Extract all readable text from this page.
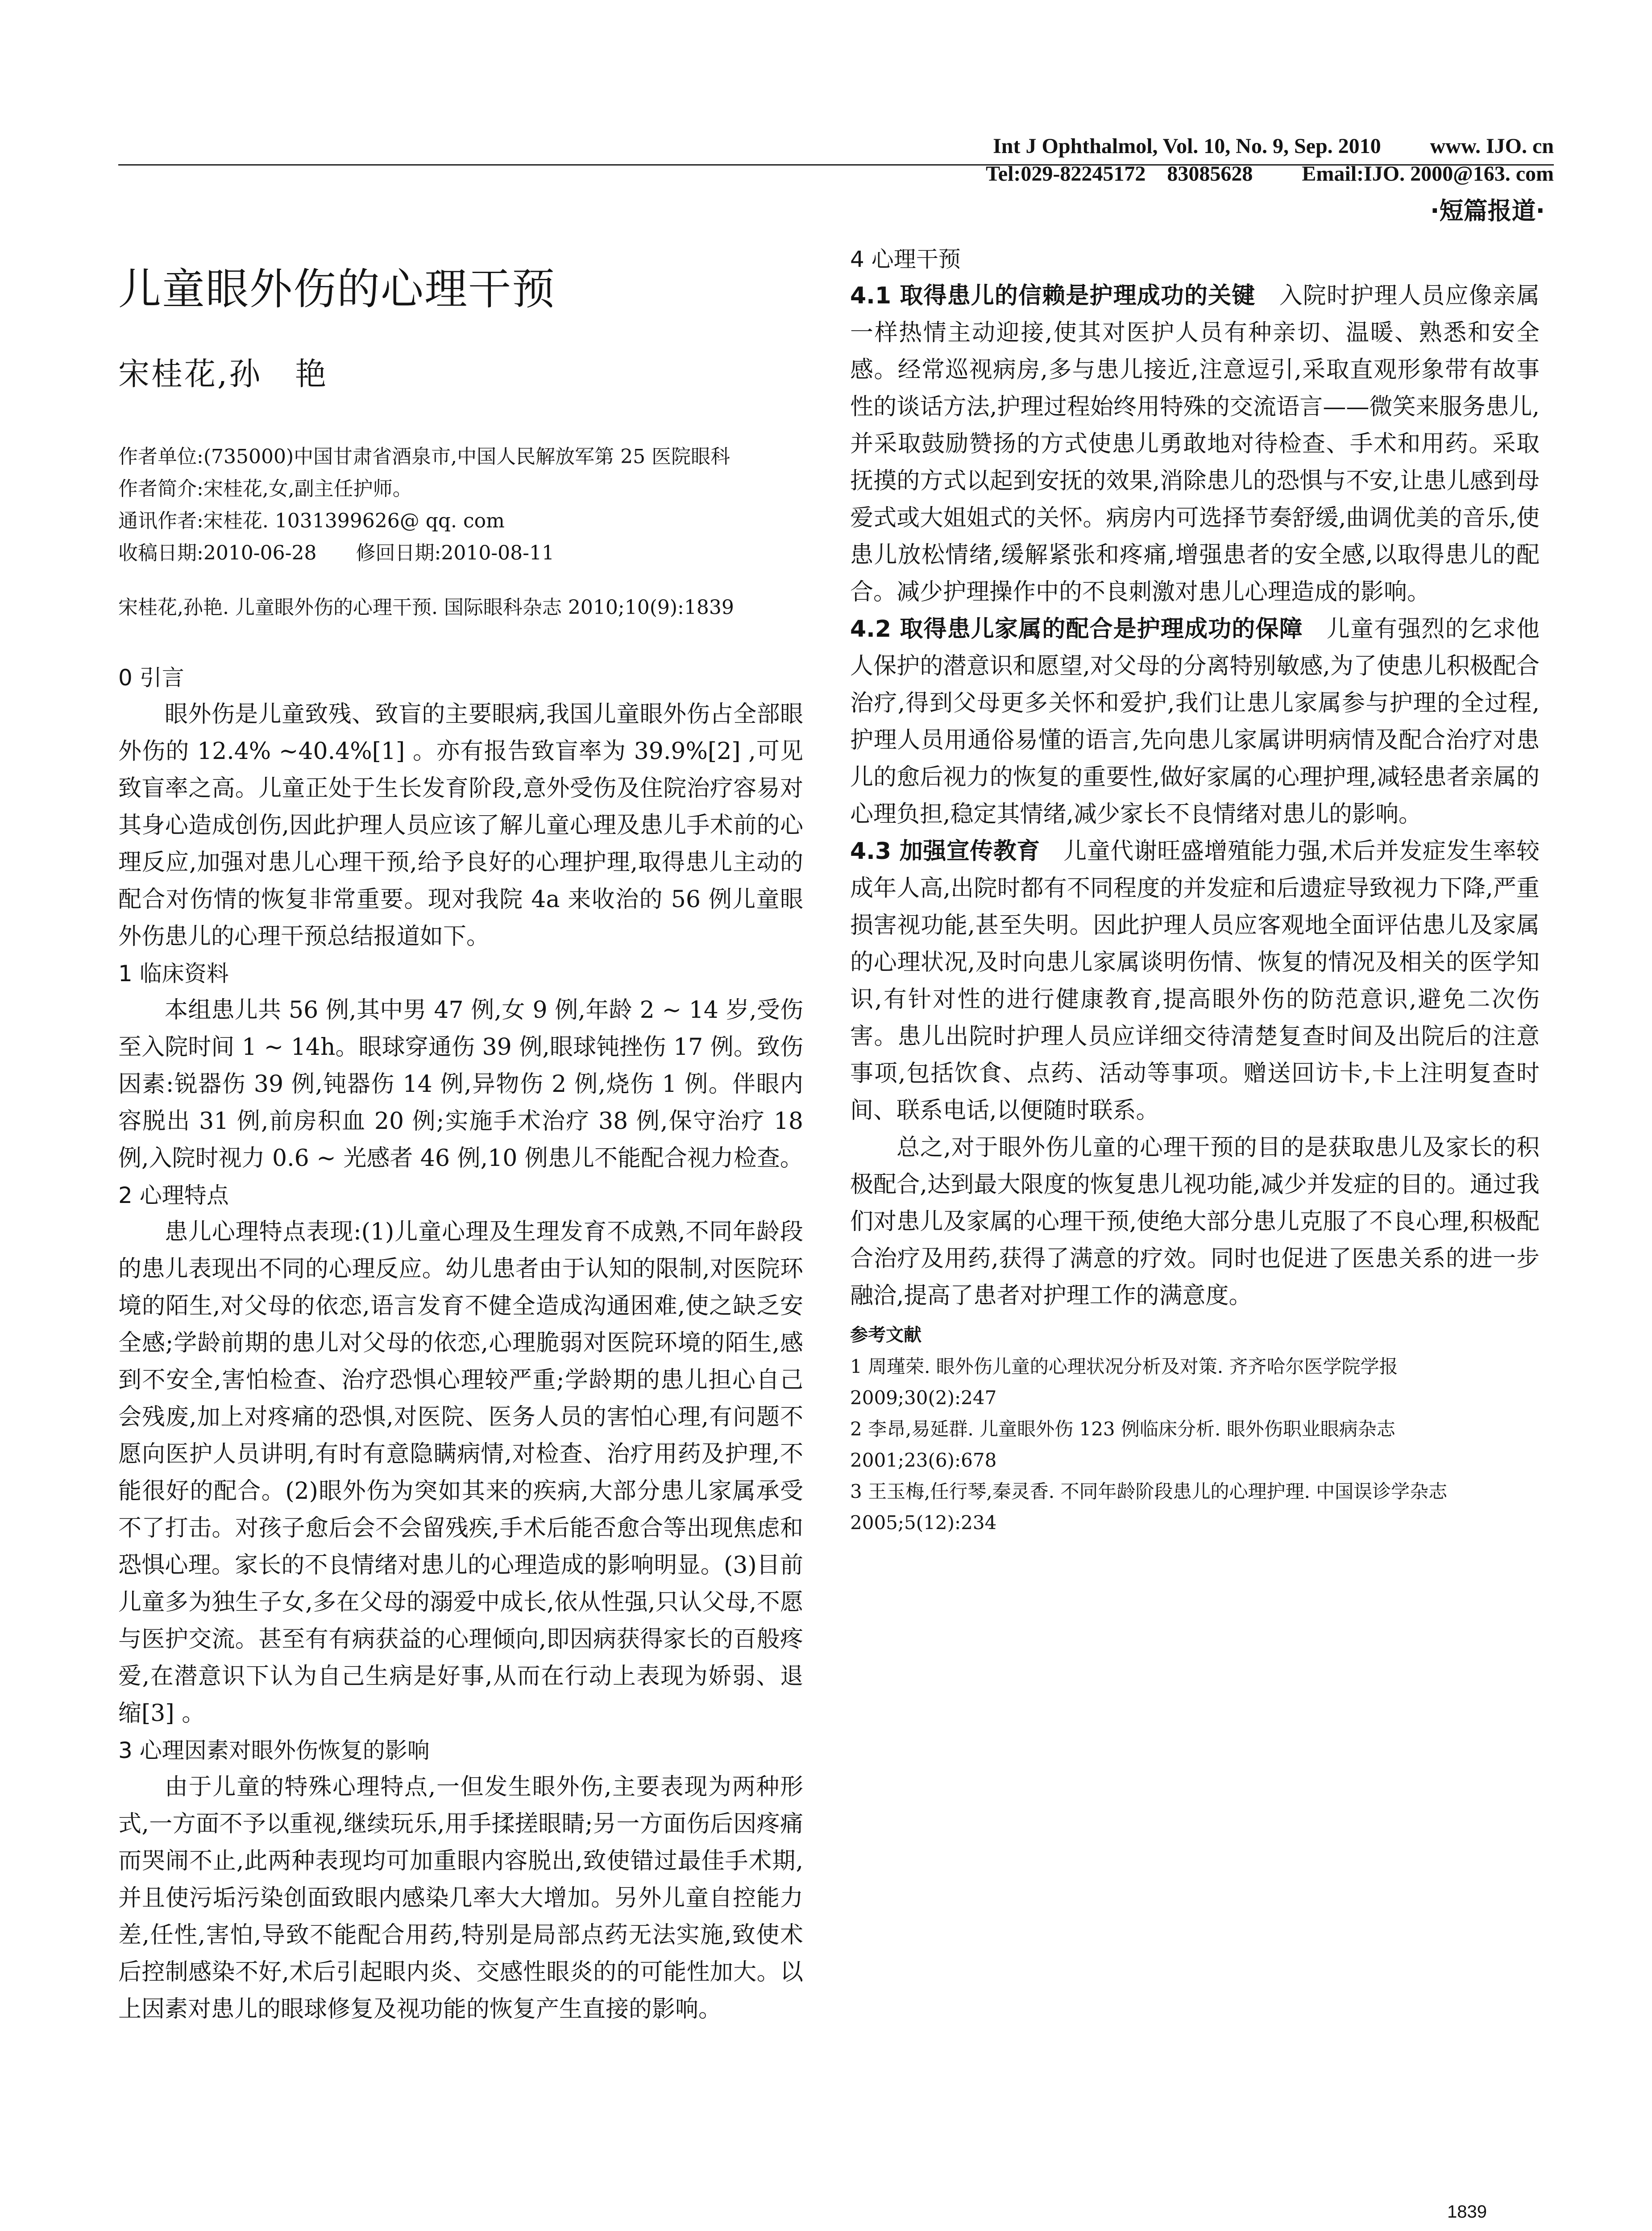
Int J Ophthalmol, Vol. 10, No. 9, Sep. 2010 www. IJO. cn

Tel:029-82245172　83085628 Email:IJO. 2000@163. com

·短篇报道·
儿童眼外伤的心理干预
宋桂花,孙　艳

作者单位:(735000)中国甘肃省酒泉市,中国人民解放军第 25 医院眼科

作者简介:宋桂花,女,副主任护师。

通讯作者:宋桂花. 1031399626@ qq. com

收稿日期:2010-06-28　　修回日期:2010-08-11

宋桂花,孙艳. 儿童眼外伤的心理干预. 国际眼科杂志 2010;10(9):1839

0 引言

眼外伤是儿童致残、致盲的主要眼病,我国儿童眼外伤占全部眼外伤的 12.4% ~40.4%[1] 。亦有报告致盲率为 39.9%[2] ,可见致盲率之高。儿童正处于生长发育阶段,意外受伤及住院治疗容易对其身心造成创伤,因此护理人员应该了解儿童心理及患儿手术前的心理反应,加强对患儿心理干预,给予良好的心理护理,取得患儿主动的配合对伤情的恢复非常重要。现对我院 4a 来收治的 56 例儿童眼外伤患儿的心理干预总结报道如下。

1 临床资料

本组患儿共 56 例,其中男 47 例,女 9 例,年龄 2 ~ 14 岁,受伤至入院时间 1 ~ 14h。眼球穿通伤 39 例,眼球钝挫伤 17 例。致伤因素:锐器伤 39 例,钝器伤 14 例,异物伤 2 例,烧伤 1 例。伴眼内容脱出 31 例,前房积血 20 例;实施手术治疗 38 例,保守治疗 18 例,入院时视力 0.6 ~ 光感者 46 例,10 例患儿不能配合视力检查。

2 心理特点

患儿心理特点表现:(1)儿童心理及生理发育不成熟,不同年龄段的患儿表现出不同的心理反应。幼儿患者由于认知的限制,对医院环境的陌生,对父母的依恋,语言发育不健全造成沟通困难,使之缺乏安全感;学龄前期的患儿对父母的依恋,心理脆弱对医院环境的陌生,感到不安全,害怕检查、治疗恐惧心理较严重;学龄期的患儿担心自己会残废,加上对疼痛的恐惧,对医院、医务人员的害怕心理,有问题不愿向医护人员讲明,有时有意隐瞒病情,对检查、治疗用药及护理,不能很好的配合。(2)眼外伤为突如其来的疾病,大部分患儿家属承受不了打击。对孩子愈后会不会留残疾,手术后能否愈合等出现焦虑和恐惧心理。家长的不良情绪对患儿的心理造成的影响明显。(3)目前儿童多为独生子女,多在父母的溺爱中成长,依从性强,只认父母,不愿与医护交流。甚至有有病获益的心理倾向,即因病获得家长的百般疼爱,在潜意识下认为自己生病是好事,从而在行动上表现为娇弱、退缩[3] 。

3 心理因素对眼外伤恢复的影响

由于儿童的特殊心理特点,一但发生眼外伤,主要表现为两种形式,一方面不予以重视,继续玩乐,用手揉搓眼睛;另一方面伤后因疼痛而哭闹不止,此两种表现均可加重眼内容脱出,致使错过最佳手术期,并且使污垢污染创面致眼内感染几率大大增加。另外儿童自控能力差,任性,害怕,导致不能配合用药,特别是局部点药无法实施,致使术后控制感染不好,术后引起眼内炎、交感性眼炎的的可能性加大。以上因素对患儿的眼球修复及视功能的恢复产生直接的影响。

4 心理干预

4.1 取得患儿的信赖是护理成功的关键　 入院时护理人员应像亲属一样热情主动迎接,使其对医护人员有种亲切、温暖、熟悉和安全感。经常巡视病房,多与患儿接近,注意逗引,采取直观形象带有故事性的谈话方法,护理过程始终用特殊的交流语言——微笑来服务患儿,并采取鼓励赞扬的方式使患儿勇敢地对待检查、手术和用药。采取抚摸的方式以起到安抚的效果,消除患儿的恐惧与不安,让患儿感到母爱式或大姐姐式的关怀。病房内可选择节奏舒缓,曲调优美的音乐,使患儿放松情绪,缓解紧张和疼痛,增强患者的安全感,以取得患儿的配合。减少护理操作中的不良刺激对患儿心理造成的影响。

4.2 取得患儿家属的配合是护理成功的保障　 儿童有强烈的乞求他人保护的潜意识和愿望,对父母的分离特别敏感,为了使患儿积极配合治疗,得到父母更多关怀和爱护,我们让患儿家属参与护理的全过程,护理人员用通俗易懂的语言,先向患儿家属讲明病情及配合治疗对患儿的愈后视力的恢复的重要性,做好家属的心理护理,减轻患者亲属的心理负担,稳定其情绪,减少家长不良情绪对患儿的影响。

4.3 加强宣传教育　 儿童代谢旺盛增殖能力强,术后并发症发生率较成年人高,出院时都有不同程度的并发症和后遗症导致视力下降,严重损害视功能,甚至失明。因此护理人员应客观地全面评估患儿及家属的心理状况,及时向患儿家属谈明伤情、恢复的情况及相关的医学知识,有针对性的进行健康教育,提高眼外伤的防范意识,避免二次伤害。患儿出院时护理人员应详细交待清楚复查时间及出院后的注意事项,包括饮食、点药、活动等事项。赠送回访卡,卡上注明复查时间、联系电话,以便随时联系。

总之,对于眼外伤儿童的心理干预的目的是获取患儿及家长的积极配合,达到最大限度的恢复患儿视功能,减少并发症的目的。通过我们对患儿及家属的心理干预,使绝大部分患儿克服了不良心理,积极配合治疗及用药,获得了满意的疗效。同时也促进了医患关系的进一步融洽,提高了患者对护理工作的满意度。

参考文献

1 周瑾荣. 眼外伤儿童的心理状况分析及对策. 齐齐哈尔医学院学报 2009;30(2):247

2 李昂,易延群. 儿童眼外伤 123 例临床分析. 眼外伤职业眼病杂志 2001;23(6):678

3 王玉梅,任行琴,秦灵香. 不同年龄阶段患儿的心理护理. 中国误诊学杂志 2005;5(12):234

1839
